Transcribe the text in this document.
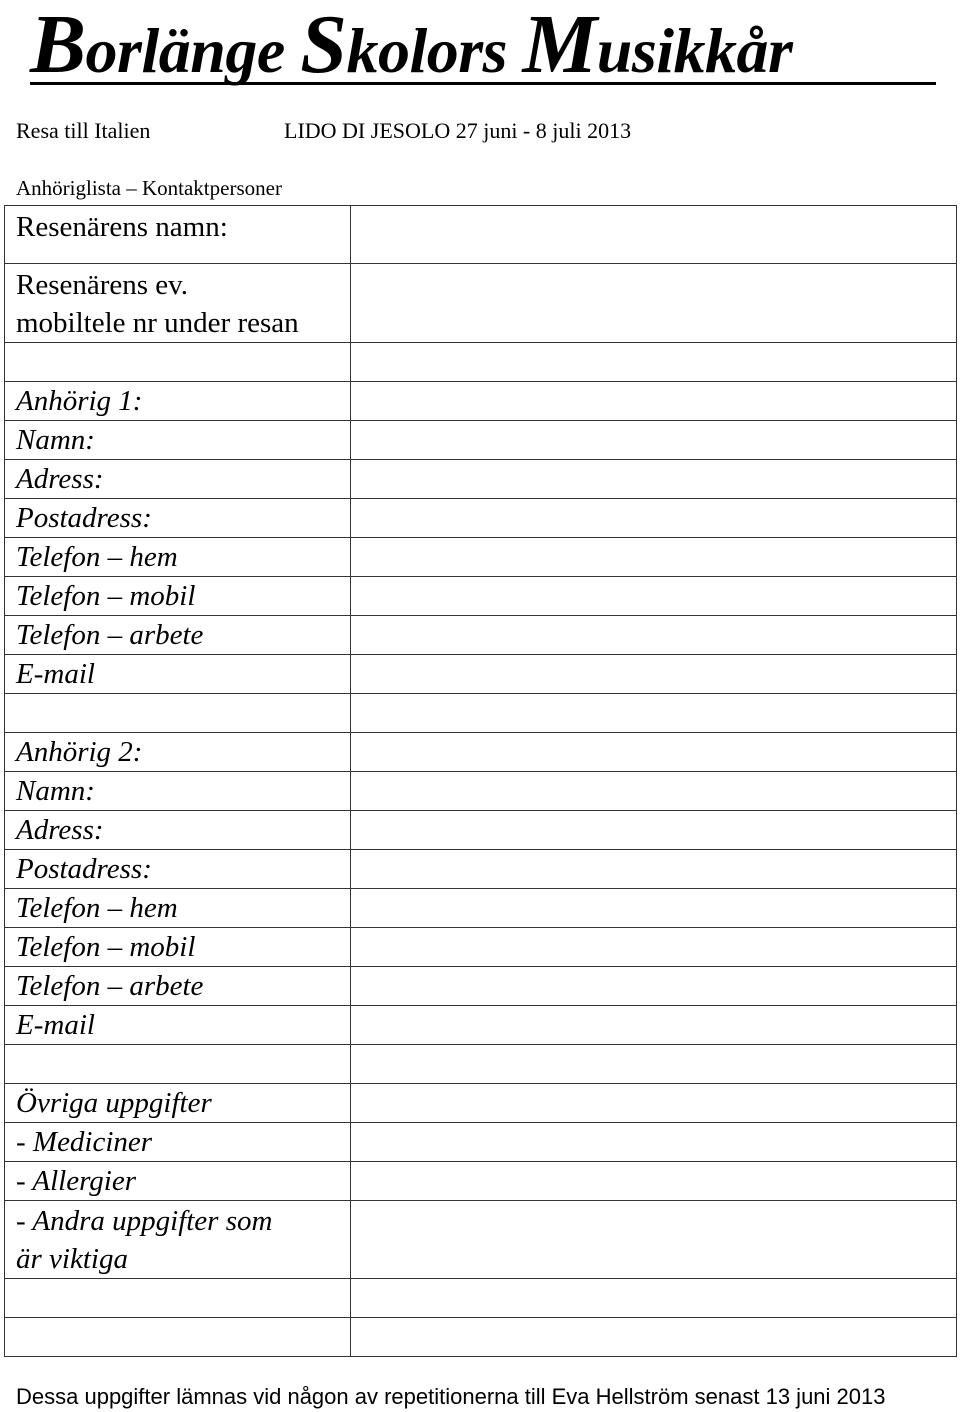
Borlänge Skolors Musikkår
Resa till Italien	LIDO DI JESOLO 27 juni - 8 juli 2013
Anhöriglista – Kontaktpersoner
Resenärens namn:	

Resenärens ev.
mobiltele nr under resan	

Anhörig 1:	
Namn:	
Adress:	
Postadress:	
Telefon – hem	
Telefon – mobil	
Telefon – arbete	
E-mail	

Anhörig 2:	
Namn:	
Adress:	
Postadress:	
Telefon – hem	
Telefon – mobil	
Telefon – arbete	
E-mail	

Övriga uppgifter	
- Mediciner	
- Allergier	

- Andra uppgifter som
är viktiga	

Dessa uppgifter lämnas vid någon av repetitionerna till Eva Hellström senast 13 juni 2013
